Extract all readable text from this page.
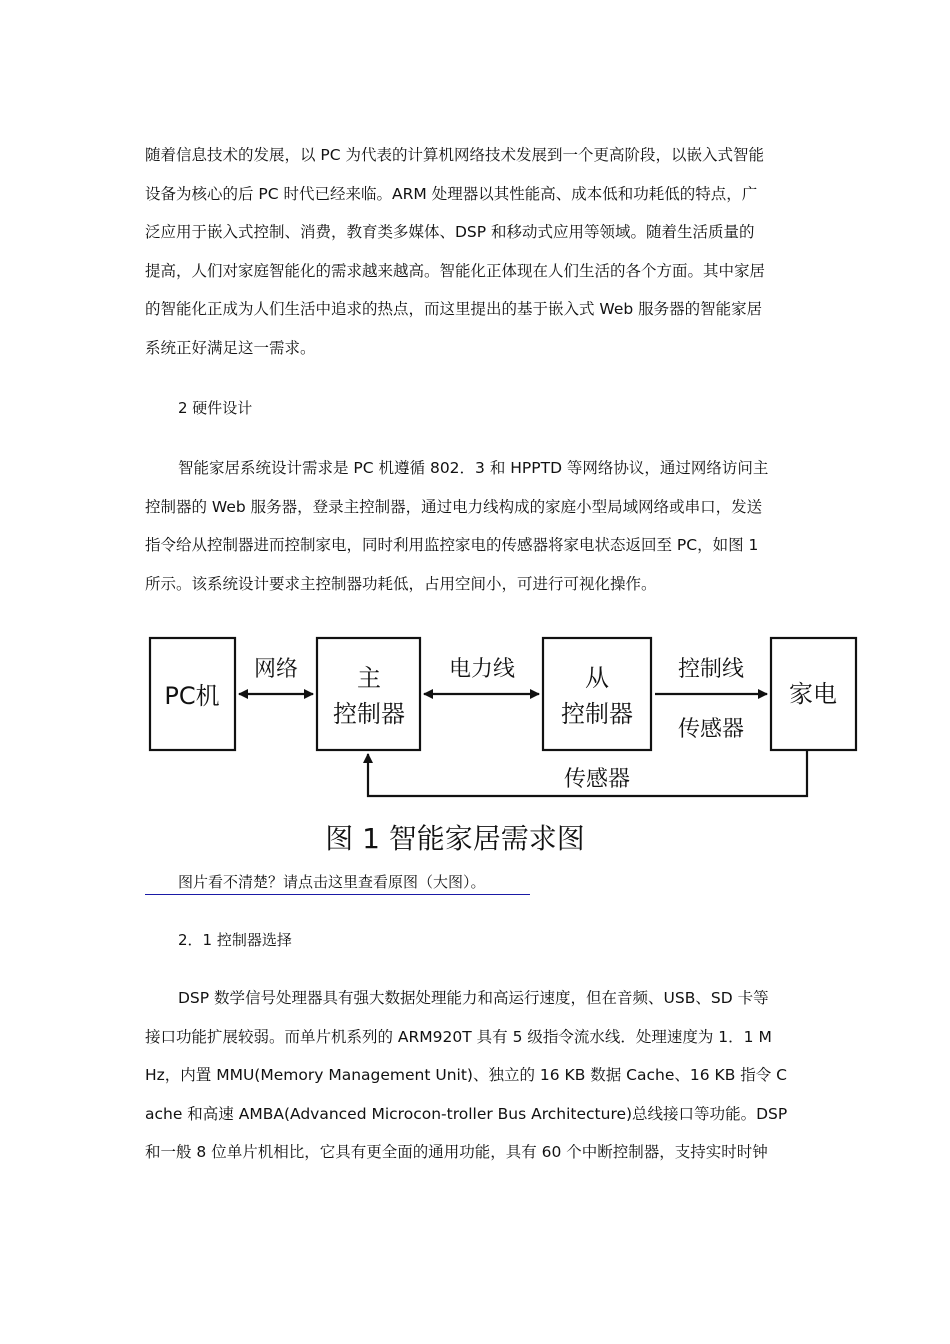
随着信息技术的发展，以 PC 为代表的计算机网络技术发展到一个更高阶段，以嵌入式智能
设备为核心的后 PC 时代已经来临。ARM 处理器以其性能高、成本低和功耗低的特点，广
泛应用于嵌入式控制、消费，教育类多媒体、DSP 和移动式应用等领域。随着生活质量的
提高，人们对家庭智能化的需求越来越高。智能化正体现在人们生活的各个方面。其中家居
的智能化正成为人们生活中追求的热点，而这里提出的基于嵌入式 Web 服务器的智能家居
系统正好满足这一需求。

2 硬件设计

智能家居系统设计需求是 PC 机遵循 802．3 和 HPPTD 等网络协议，通过网络访问主
控制器的 Web 服务器，登录主控制器，通过电力线构成的家庭小型局域网络或串口，发送
指令给从控制器进而控制家电，同时利用监控家电的传感器将家电状态返回至 PC，如图 1
所示。该系统设计要求主控制器功耗低，占用空间小，可进行可视化操作。
PC机
主
控制器
从
控制器
家电
网络	电力线	控制线
传感器
传感器
图 1 智能家居需求图
图片看不清楚？请点击这里查看原图（大图）。

2．1 控制器选择

DSP 数学信号处理器具有强大数据处理能力和高运行速度，但在音频、USB、SD 卡等
接口功能扩展较弱。而单片机系列的 ARM920T 具有 5 级指令流水线．处理速度为 1．1 M
Hz，内置 MMU(Memory Management Unit)、独立的 16 KB 数据 Cache、16 KB 指令 C
ache 和高速 AMBA(Advanced Microcon-troller Bus Architecture)总线接口等功能。DSP
和一般 8 位单片机相比，它具有更全面的通用功能，具有 60 个中断控制器，支持实时时钟
